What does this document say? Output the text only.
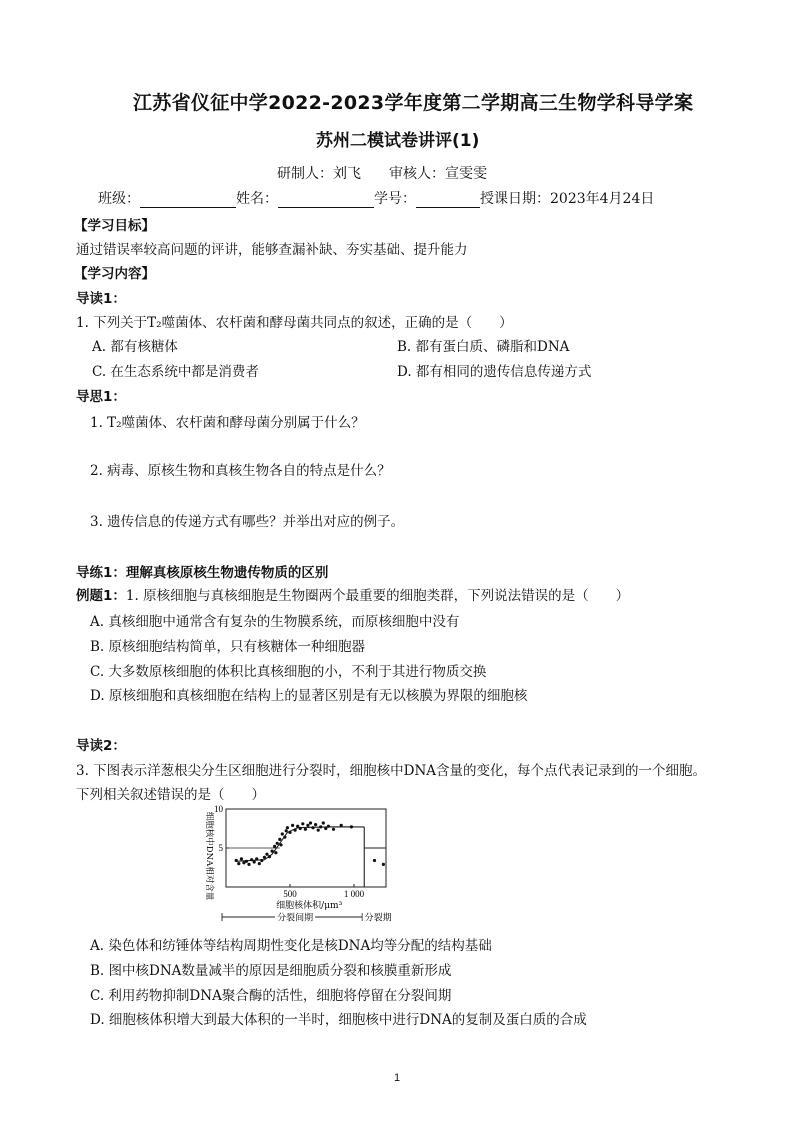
江苏省仪征中学2022-2023学年度第二学期高三生物学科导学案
苏州二模试卷讲评(1)
研制人：刘飞　　审核人：宣雯雯
班级：	姓名：	学号：	授课日期：2023年4月24日
【学习目标】
通过错误率较高问题的评讲，能够查漏补缺、夯实基础、提升能力
【学习内容】
导读1：
1. 下列关于T₂噬菌体、农杆菌和酵母菌共同点的叙述，正确的是（　　）
A. 都有核糖体	B. 都有蛋白质、磷脂和DNA
C. 在生态系统中都是消费者	D. 都有相同的遗传信息传递方式
导思1：
1. T₂噬菌体、农杆菌和酵母菌分别属于什么？
2. 病毒、原核生物和真核生物各自的特点是什么？
3. 遗传信息的传递方式有哪些？并举出对应的例子。
导练1：理解真核原核生物遗传物质的区别
例题1：1. 原核细胞与真核细胞是生物圈两个最重要的细胞类群，下列说法错误的是（　　）
A. 真核细胞中通常含有复杂的生物膜系统，而原核细胞中没有
B. 原核细胞结构简单，只有核糖体一种细胞器
C. 大多数原核细胞的体积比真核细胞的小，不利于其进行物质交换
D. 原核细胞和真核细胞在结构上的显著区别是有无以核膜为界限的细胞核
导读2：
3. 下图表示洋葱根尖分生区细胞进行分裂时，细胞核中DNA含量的变化，每个点代表记录到的一个细胞。
下列相关叙述错误的是（　　）
5
10
500	1 000
细胞核体积/μm³
细胞核中DNA相对含量
分裂间期	分裂期
A. 染色体和纺锤体等结构周期性变化是核DNA均等分配的结构基础
B. 图中核DNA数量减半的原因是细胞质分裂和核膜重新形成
C. 利用药物抑制DNA聚合酶的活性，细胞将停留在分裂间期
D. 细胞核体积增大到最大体积的一半时，细胞核中进行DNA的复制及蛋白质的合成
1
